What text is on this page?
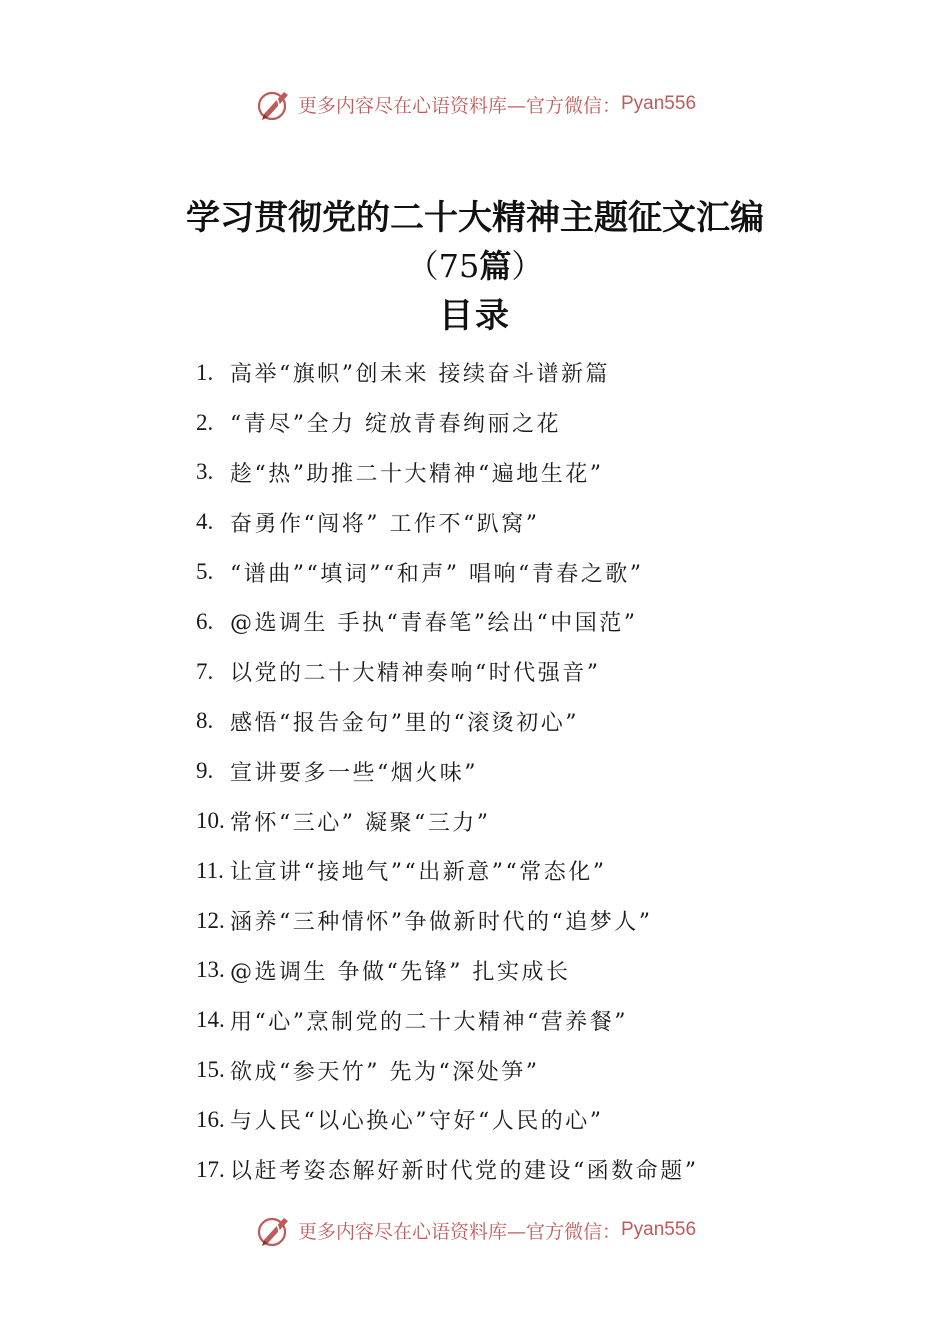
更多内容尽在心语资料库—官方微信： Pyan556
学习贯彻党的二十大精神主题征文汇编
（75篇）
目录
1. 高举“旗帜”创未来 接续奋斗谱新篇
2. “青尽”全力 绽放青春绚丽之花
3. 趁“热”助推二十大精神“遍地生花”
4. 奋勇作“闯将” 工作不“趴窝”
5. “谱曲”“填词”“和声” 唱响“青春之歌”
6. @选调生 手执“青春笔”绘出“中国范”
7. 以党的二十大精神奏响“时代强音”
8. 感悟“报告金句”里的“滚烫初心”
9. 宣讲要多一些“烟火味”
10. 常怀“三心” 凝聚“三力”
11. 让宣讲“接地气”“出新意”“常态化”
12. 涵养“三种情怀”争做新时代的“追梦人”
13. @选调生 争做“先锋” 扎实成长
14. 用“心”烹制党的二十大精神“营养餐”
15. 欲成“参天竹” 先为“深处笋”
16. 与人民“以心换心”守好“人民的心”
17. 以赶考姿态解好新时代党的建设“函数命题”
更多内容尽在心语资料库—官方微信： Pyan556
